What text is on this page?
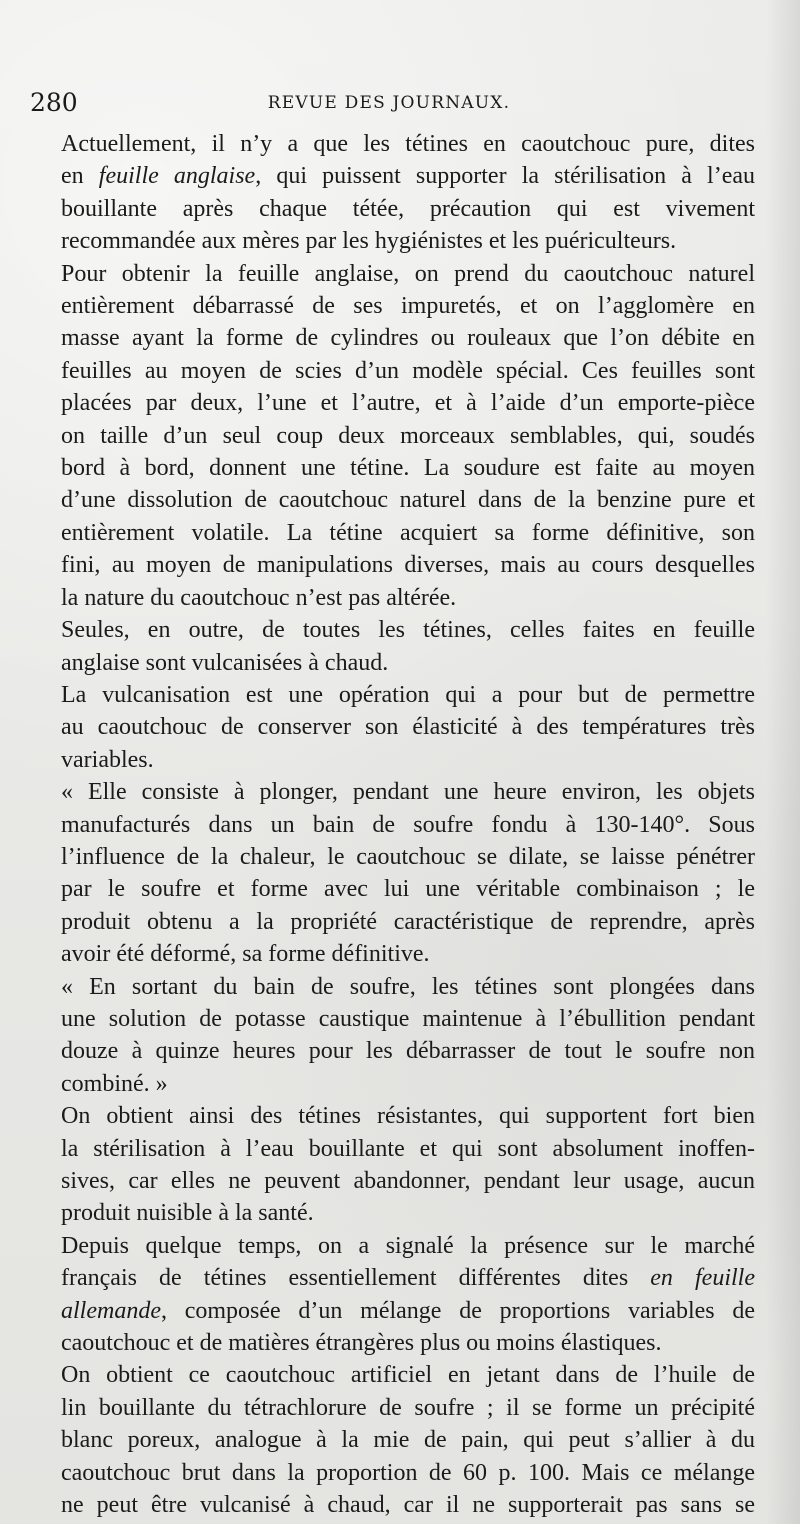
280	REVUE DES JOURNAUX.

Actuellement, il n’y a que les tétines en caoutchouc pure, dites
en feuille anglaise, qui puissent supporter la stérilisation à l’eau
bouillante après chaque tétée, précaution qui est vivement
recommandée aux mères par les hygiénistes et les puériculteurs.

Pour obtenir la feuille anglaise, on prend du caoutchouc naturel
entièrement débarrassé de ses impuretés, et on l’agglomère en
masse ayant la forme de cylindres ou rouleaux que l’on débite en
feuilles au moyen de scies d’un modèle spécial. Ces feuilles sont
placées par deux, l’une et l’autre, et à l’aide d’un emporte-pièce
on taille d’un seul coup deux morceaux semblables, qui, soudés
bord à bord, donnent une tétine. La soudure est faite au moyen
d’une dissolution de caoutchouc naturel dans de la benzine pure et
entièrement volatile. La tétine acquiert sa forme définitive, son
fini, au moyen de manipulations diverses, mais au cours desquelles
la nature du caoutchouc n’est pas altérée.

Seules, en outre, de toutes les tétines, celles faites en feuille
anglaise sont vulcanisées à chaud.

La vulcanisation est une opération qui a pour but de permettre
au caoutchouc de conserver son élasticité à des températures très
variables.

« Elle consiste à plonger, pendant une heure environ, les objets
manufacturés dans un bain de soufre fondu à 130-140°. Sous
l’influence de la chaleur, le caoutchouc se dilate, se laisse pénétrer
par le soufre et forme avec lui une véritable combinaison ; le
produit obtenu a la propriété caractéristique de reprendre, après
avoir été déformé, sa forme définitive.

« En sortant du bain de soufre, les tétines sont plongées dans
une solution de potasse caustique maintenue à l’ébullition pendant
douze à quinze heures pour les débarrasser de tout le soufre non
combiné. »

On obtient ainsi des tétines résistantes, qui supportent fort bien
la stérilisation à l’eau bouillante et qui sont absolument inoffen-
sives, car elles ne peuvent abandonner, pendant leur usage, aucun
produit nuisible à la santé.

Depuis quelque temps, on a signalé la présence sur le marché
français de tétines essentiellement différentes dites en feuille
allemande, composée d’un mélange de proportions variables de
caoutchouc et de matières étrangères plus ou moins élastiques.

On obtient ce caoutchouc artificiel en jetant dans de l’huile de
lin bouillante du tétrachlorure de soufre ; il se forme un précipité
blanc poreux, analogue à la mie de pain, qui peut s’allier à du
caoutchouc brut dans la proportion de 60 p. 100. Mais ce mélange
ne peut être vulcanisé à chaud, car il ne supporterait pas sans se
